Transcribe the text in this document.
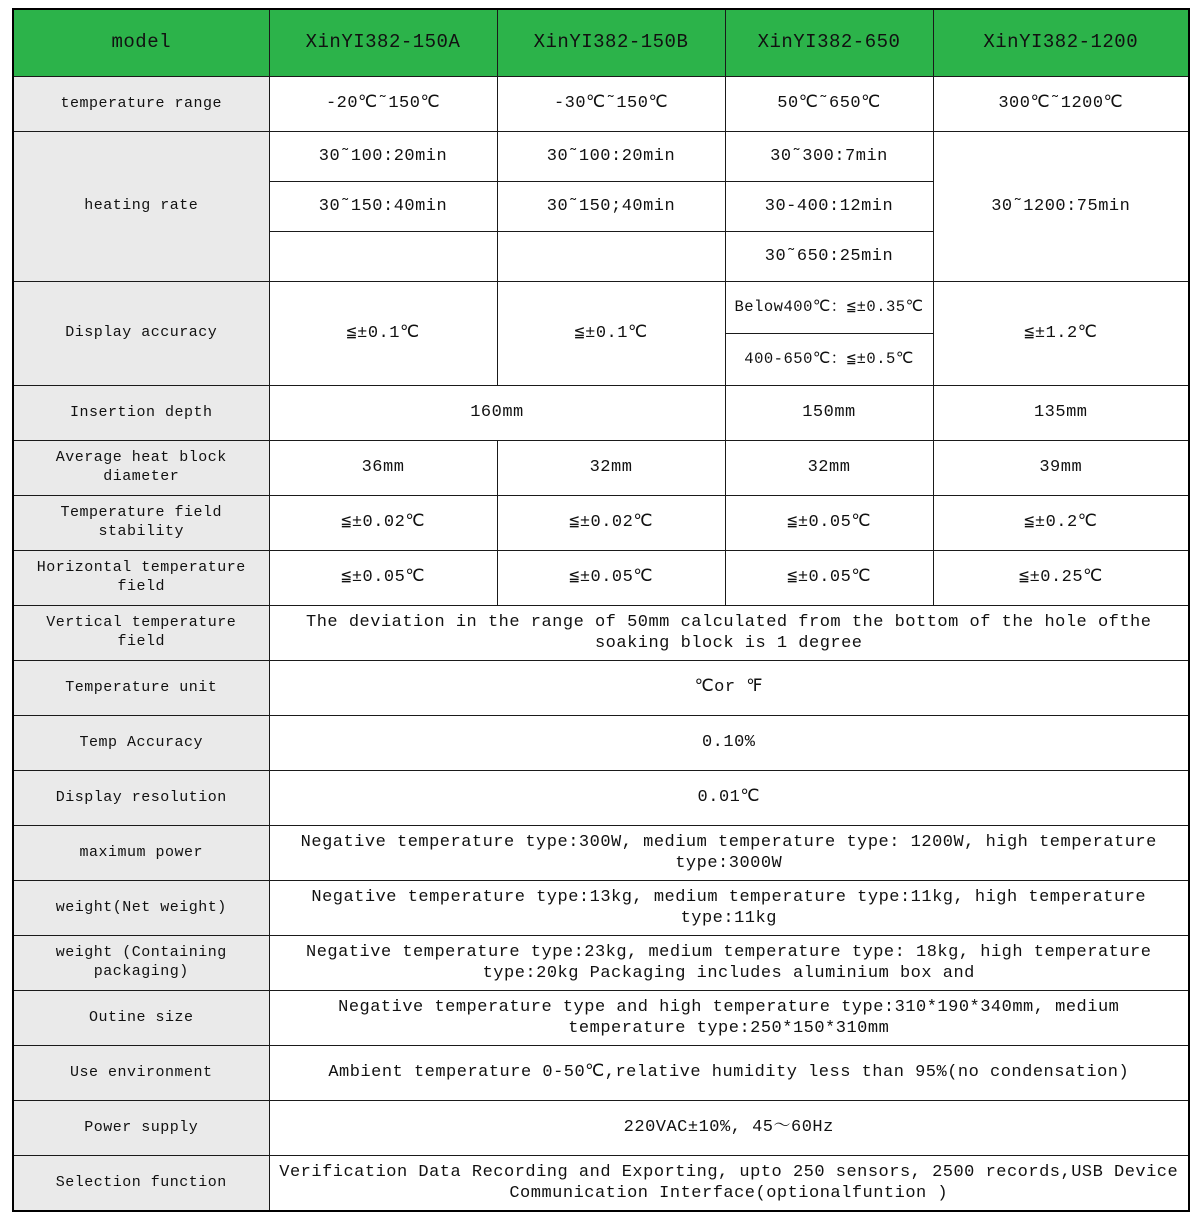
model	XinYI382-150A	XinYI382-150B	XinYI382-650	XinYI382-1200
temperature range	-20℃˜150℃	-30℃˜150℃	50℃˜650℃	300℃˜1200℃
heating rate	30˜100:20min	30˜100:20min	30˜300:7min	30˜1200:75min
	30˜150:40min	30˜150;40min	30-400:12min	
			30˜650:25min	
Display accuracy	≦±0.1℃	≦±0.1℃	Below400℃：≦±0.35℃	≦±1.2℃
			400-650℃：≦±0.5℃	
Insertion depth	160mm		150mm	135mm
Average heat block diameter	36mm	32mm	32mm	39mm
Temperature field stability	≦±0.02℃	≦±0.02℃	≦±0.05℃	≦±0.2℃
Horizontal temperature field	≦±0.05℃	≦±0.05℃	≦±0.05℃	≦±0.25℃
Vertical temperature field	The deviation in the range of 50mm calculated from the bottom of the hole ofthe soaking block is 1 degree			
Temperature unit	℃or ℉			
Temp Accuracy	0.10%			
Display resolution	0.01℃			
maximum power	Negative temperature type:300W, medium temperature type: 1200W, high temperature type:3000W			
weight(Net weight)	Negative temperature type:13kg, medium temperature type:11kg, high temperature type:11kg			
weight (Containing packaging)	Negative temperature type:23kg, medium temperature type: 18kg, high temperature type:20kg Packaging includes aluminium box and			
Outine size	Negative temperature type and high temperature type:310*190*340mm, medium temperature type:250*150*310mm			
Use environment	Ambient temperature 0-50℃,relative humidity less than 95%(no condensation)			
Power supply	220VAC±10%, 45～60Hz			
Selection function	Verification Data Recording and Exporting, upto 250 sensors, 2500 records,USB Device Communication Interface(optionalfuntion )			
